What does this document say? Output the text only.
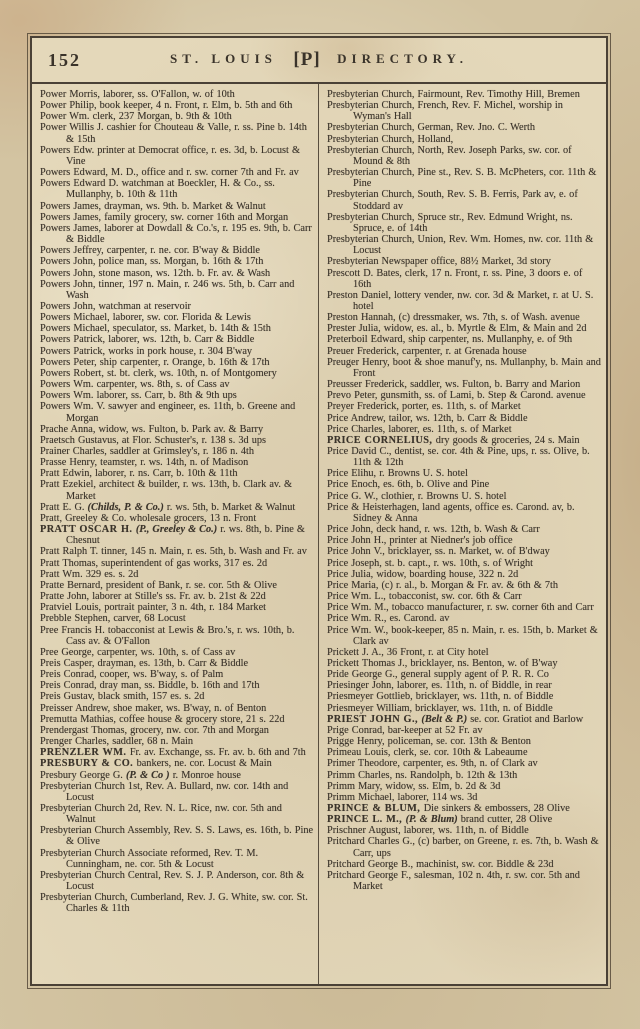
152	ST. LOUIS [P] DIRECTORY.
Power Morris, laborer, ss. O'Fallon, w. of 10th
Power Philip, book keeper, 4 n. Front, r. Elm, b. 5th and 6th
Power Wm. clerk, 237 Morgan, b. 9th & 10th
Power Willis J. cashier for Chouteau & Valle, r. ss. Pine b. 14th & 15th
Powers Edw. printer at Democrat office, r. es. 3d, b. Locust & Vine
Powers Edward, M. D., office and r. sw. corner 7th and Fr. av
Powers Edward D. watchman at Boeckler, H. & Co., ss. Mullanphy, b. 10th & 11th
Powers James, drayman, ws. 9th. b. Market & Walnut
Powers James, family grocery, sw. corner 16th and Morgan
Powers James, laborer at Dowdall & Co.'s, r. 195 es. 9th, b. Carr & Biddle
Powers Jeffrey, carpenter, r. ne. cor. B'way & Biddle
Powers John, police man, ss. Morgan, b. 16th & 17th
Powers John, stone mason, ws. 12th. b. Fr. av. & Wash
Powers John, tinner, 197 n. Main, r. 246 ws. 5th, b. Carr and Wash
Powers John, watchman at reservoir
Powers Michael, laborer, sw. cor. Florida & Lewis
Powers Michael, speculator, ss. Market, b. 14th & 15th
Powers Patrick, laborer, ws. 12th, b. Carr & Biddle
Powers Patrick, works in pork house, r. 304 B'way
Powers Peter, ship carpenter, r. Orange, b. 16th & 17th
Powers Robert, st. bt. clerk, ws. 10th, n. of Montgomery
Powers Wm. carpenter, ws. 8th, s. of Cass av
Powers Wm. laborer, ss. Carr, b. 8th & 9th ups
Powers Wm. V. sawyer and engineer, es. 11th, b. Greene and Morgan
Prache Anna, widow, ws. Fulton, b. Park av. & Barry
Praetsch Gustavus, at Flor. Schuster's, r. 138 s. 3d ups
Prainer Charles, saddler at Grimsley's, r. 186 n. 4th
Prasse Henry, teamster, r. ws. 14th, n. of Madison
Pratt Edwin, laborer, r. ns. Carr, b. 10th & 11th
Pratt Ezekiel, architect & builder, r. ws. 13th, b. Clark av. & Market
Pratt E. G. (Childs, P. & Co.) r. ws. 5th, b. Market & Walnut
Pratt, Greeley & Co. wholesale grocers, 13 n. Front
PRATT OSCAR H. (P., Greeley & Co.) r. ws. 8th, b. Pine & Chesnut
Pratt Ralph T. tinner, 145 n. Main, r. es. 5th, b. Wash and Fr. av
Pratt Thomas, superintendent of gas works, 317 es. 2d
Pratt Wm. 329 es. s. 2d
Pratte Bernard, president of Bank, r. se. cor. 5th & Olive
Pratte John, laborer at Stille's ss. Fr. av. b. 21st & 22d
Pratviel Louis, portrait painter, 3 n. 4th, r. 184 Market
Prebble Stephen, carver, 68 Locust
Pree Francis H. tobacconist at Lewis & Bro.'s, r. ws. 10th, b. Cass av. & O'Fallon
Pree George, carpenter, ws. 10th, s. of Cass av
Preis Casper, drayman, es. 13th, b. Carr & Biddle
Preis Conrad, cooper, ws. B'way, s. of Palm
Preis Conrad, dray man, ss. Biddle, b. 16th and 17th
Preis Gustav, black smith, 157 es. s. 2d
Preisser Andrew, shoe maker, ws. B'way, n. of Benton
Premutta Mathias, coffee house & grocery store, 21 s. 22d
Prendergast Thomas, grocery, nw. cor. 7th and Morgan
Prenger Charles, saddler, 68 n. Main
PRENZLER WM. Fr. av. Exchange, ss. Fr. av. b. 6th and 7th
PRESBURY & CO. bankers, ne. cor. Locust & Main
Presbury George G. (P. & Co ) r. Monroe house
Presbyterian Church 1st, Rev. A. Bullard, nw. cor. 14th and Locust
Presbyterian Church 2d, Rev. N. L. Rice, nw. cor. 5th and Walnut
Presbyterian Church Assembly, Rev. S. S. Laws, es. 16th, b. Pine & Olive
Presbyterian Church Associate reformed, Rev. T. M. Cunningham, ne. cor. 5th & Locust
Presbyterian Church Central, Rev. S. J. P. Anderson, cor. 8th & Locust
Presbyterian Church, Cumberland, Rev. J. G. White, sw. cor. St. Charles & 11th
Presbyterian Church, Fairmount, Rev. Timothy Hill, Bremen
Presbyterian Church, French, Rev. F. Michel, worship in Wyman's Hall
Presbyterian Church, German, Rev. Jno. C. Werth
Presbyterian Church, Holland,
Presbyterian Church, North, Rev. Joseph Parks, sw. cor. of Mound & 8th
Presbyterian Church, Pine st., Rev. S. B. McPheters, cor. 11th & Pine
Presbyterian Church, South, Rev. S. B. Ferris, Park av, e. of Stoddard av
Presbyterian Church, Spruce str., Rev. Edmund Wright, ns. Spruce, e. of 14th
Presbyterian Church, Union, Rev. Wm. Homes, nw. cor. 11th & Locust
Presbyterian Newspaper office, 88½ Market, 3d story
Prescott D. Bates, clerk, 17 n. Front, r. ss. Pine, 3 doors e. of 16th
Preston Daniel, lottery vender, nw. cor. 3d & Market, r. at U. S. hotel
Preston Hannah, (c) dressmaker, ws. 7th, s. of Wash. avenue
Prester Julia, widow, es. al., b. Myrtle & Elm, & Main and 2d
Preterboil Edward, ship carpenter, ns. Mullanphy, e. of 9th
Preuer Frederick, carpenter, r. at Grenada house
Preuger Henry, boot & shoe manuf'y, ns. Mullanphy, b. Main and Front
Preusser Frederick, saddler, ws. Fulton, b. Barry and Marion
Prevo Peter, gunsmith, ss. of Lami, b. Step & Carond. avenue
Preyer Frederick, porter, es. 11th, s. of Market
Price Andrew, tailor, ws. 12th, b. Carr & Biddle
Price Charles, laborer, es. 11th, s. of Market
PRICE CORNELIUS, dry goods & groceries, 24 s. Main
Price David C., dentist, se. cor. 4th & Pine, ups, r. ss. Olive, b. 11th & 12th
Price Elihu, r. Browns U. S. hotel
Price Enoch, es. 6th, b. Olive and Pine
Price G. W., clothier, r. Browns U. S. hotel
Price & Heisterhagen, land agents, office es. Carond. av, b. Sidney & Anna
Price John, deck hand, r. ws. 12th, b. Wash & Carr
Price John H., printer at Niedner's job office
Price John V., bricklayer, ss. n. Market, w. of B'dway
Price Joseph, st. b. capt., r. ws. 10th, s. of Wright
Price Julia, widow, boarding house, 322 n. 2d
Price Maria, (c) r. al., b. Morgan & Fr. av. & 6th & 7th
Price Wm. L., tobacconist, sw. cor. 6th & Carr
Price Wm. M., tobacco manufacturer, r. sw. corner 6th and Carr
Price Wm. R., es. Carond. av
Price Wm. W., book-keeper, 85 n. Main, r. es. 15th, b. Market & Clark av
Prickett J. A., 36 Front, r. at City hotel
Prickett Thomas J., bricklayer, ns. Benton, w. of B'way
Pride George G., general supply agent of P. R. R. Co
Priesinger John, laborer, es. 11th, n. of Biddle, in rear
Priesmeyer Gottlieb, bricklayer, ws. 11th, n. of Biddle
Priesmeyer William, bricklayer, ws. 11th, n. of Biddle
PRIEST JOHN G., (Belt & P.) se. cor. Gratiot and Barlow
Prige Conrad, bar-keeper at 52 Fr. av
Prigge Henry, policeman, se. cor. 13th & Benton
Primeau Louis, clerk, se. cor. 10th & Labeaume
Primer Theodore, carpenter, es. 9th, n. of Clark av
Primm Charles, ns. Randolph, b. 12th & 13th
Primm Mary, widow, ss. Elm, b. 2d & 3d
Primm Michael, laborer, 114 ws. 3d
PRINCE & BLUM, Die sinkers & embossers, 28 Olive
PRINCE L. M., (P. & Blum) brand cutter, 28 Olive
Prischner August, laborer, ws. 11th, n. of Biddle
Pritchard Charles G., (c) barber, on Greene, r. es. 7th, b. Wash & Carr, ups
Pritchard George B., machinist, sw. cor. Biddle & 23d
Pritchard George F., salesman, 102 n. 4th, r. sw. cor. 5th and Market
